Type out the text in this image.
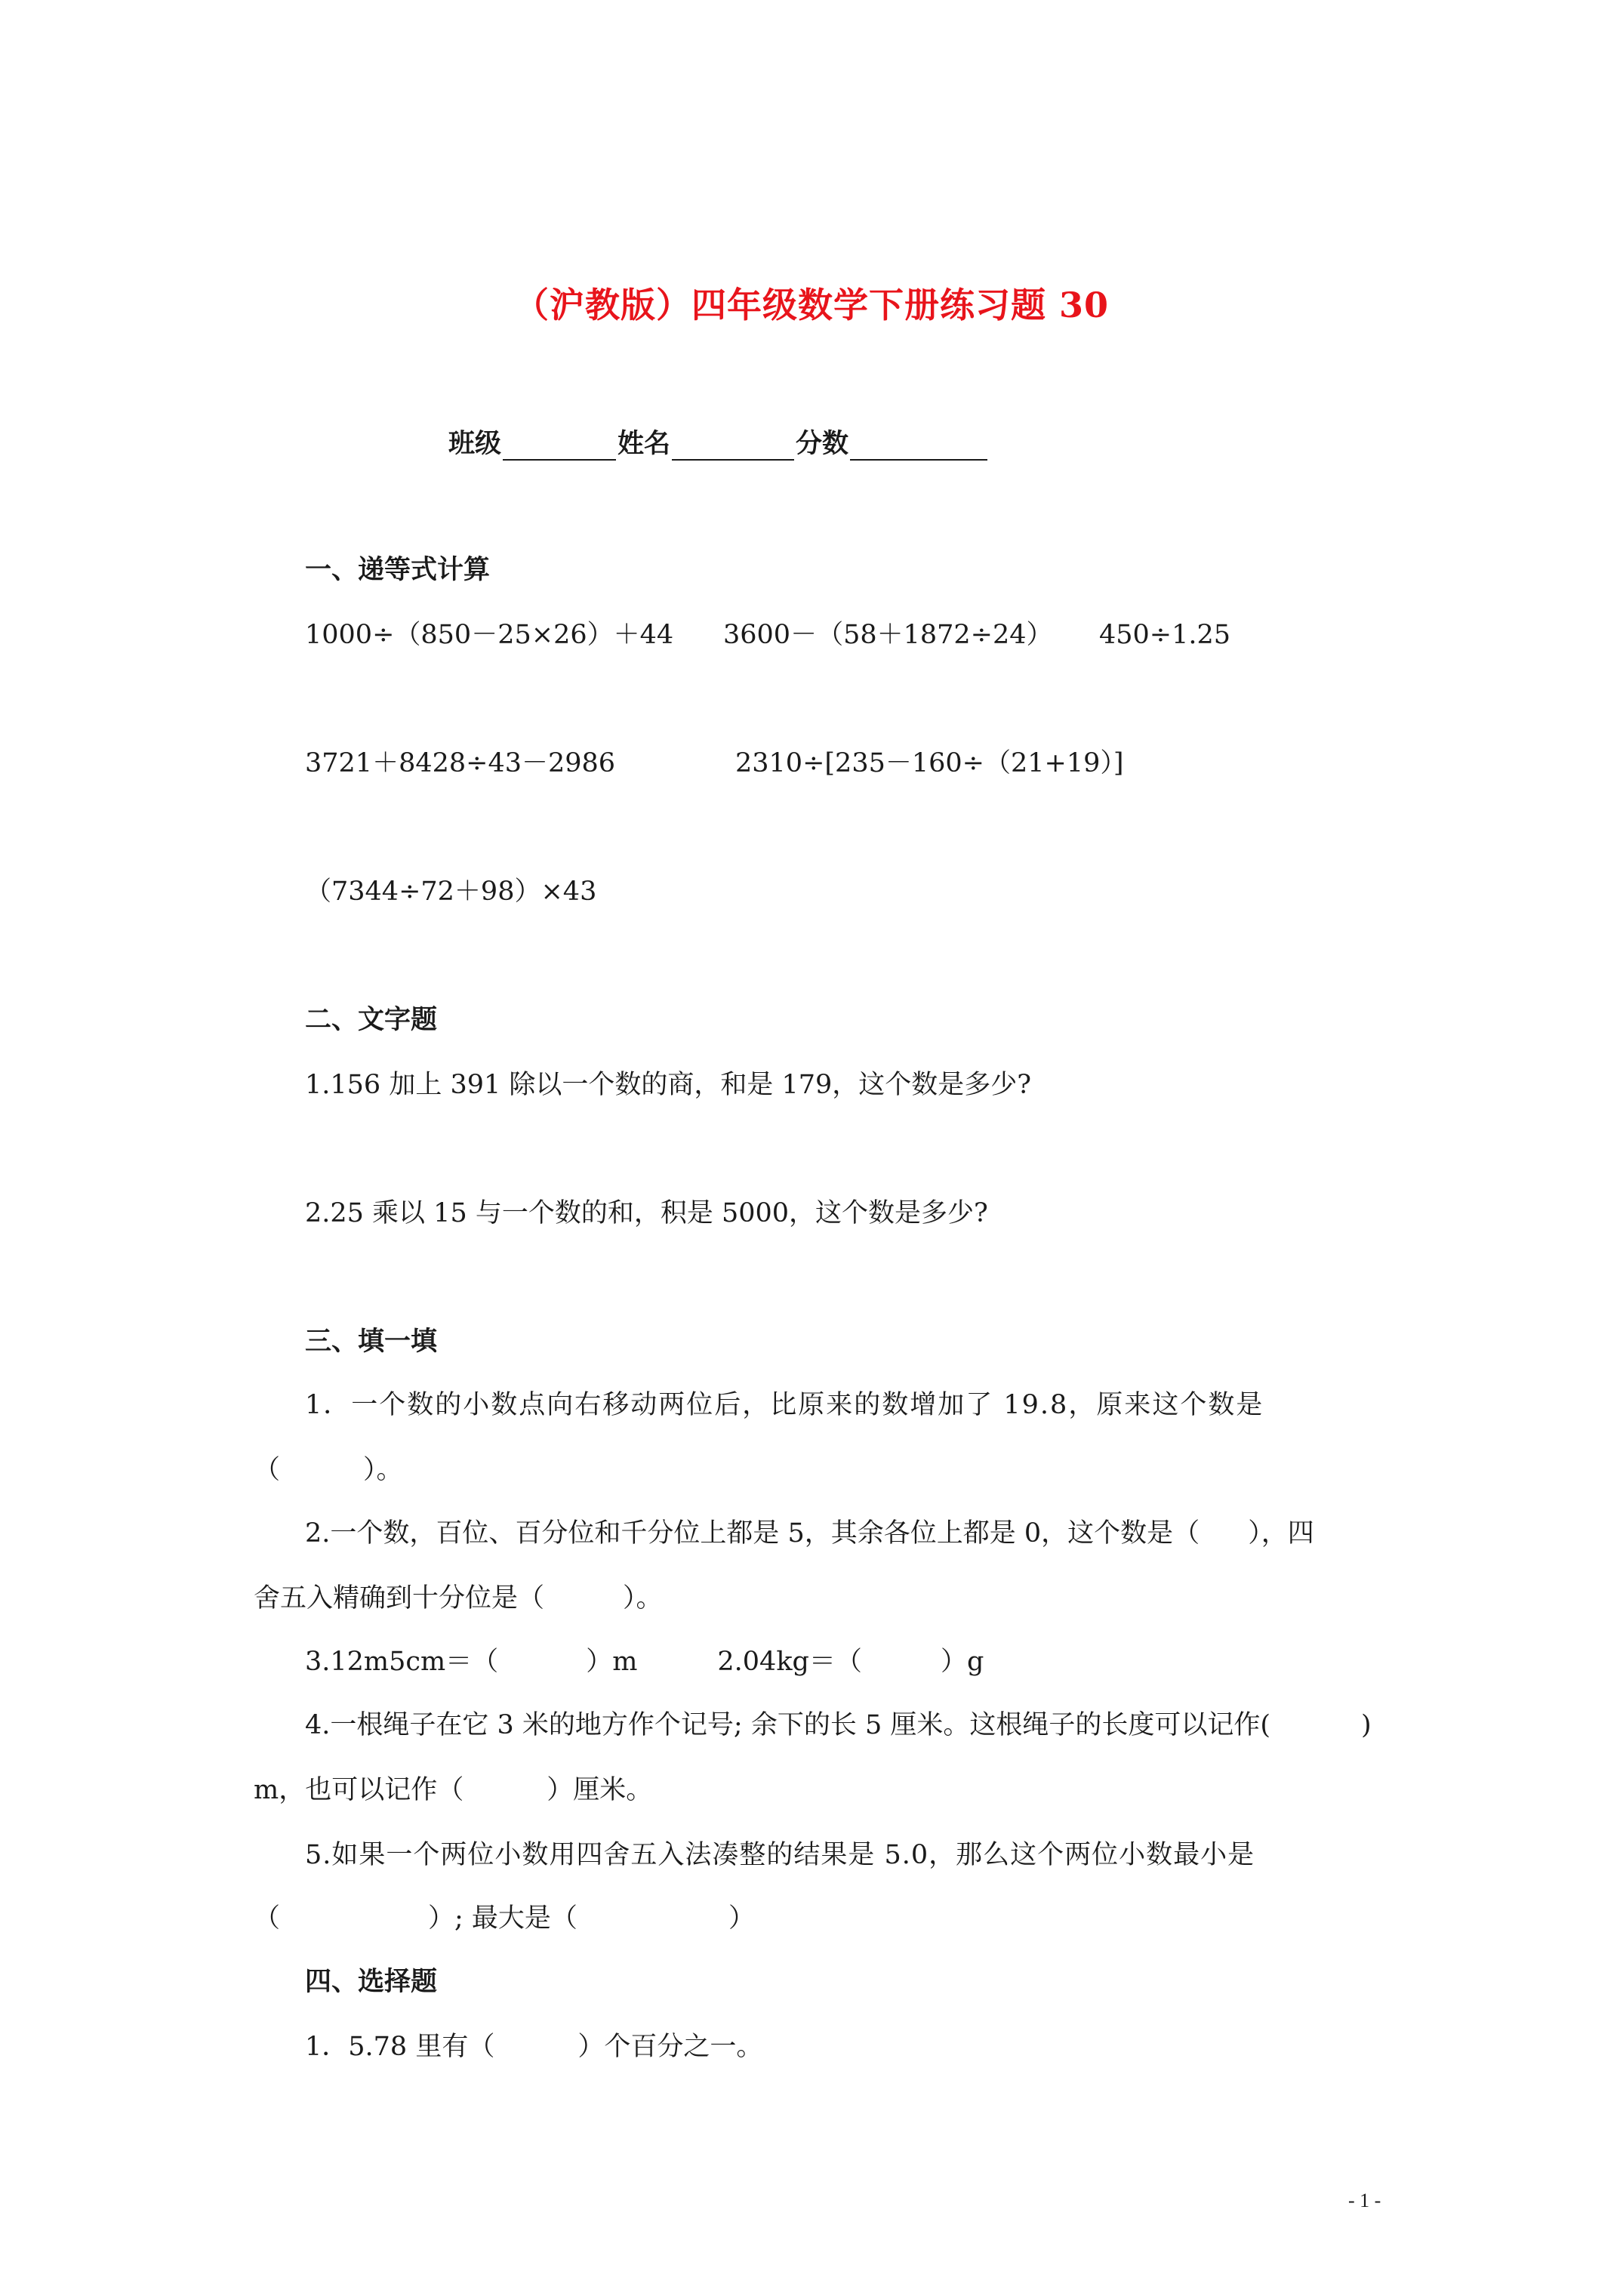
（沪教版）四年级数学下册练习题 30
班级	姓名	分数
一、递等式计算
1000÷（850－25×26）＋44 3600－（58＋1872÷24） 450÷1.25
3721＋8428÷43－2986	2310÷[235－160÷（21+19）]
（7344÷72＋98）×43
二、文字题
1.156 加上 391 除以一个数的商，和是 179，这个数是多少?
2.25 乘以 15 与一个数的和，积是 5000，这个数是多少?
三、填一填
1．一个数的小数点向右移动两位后，比原来的数增加了 19.8，原来这个数是
（	）。
2.一个数，百位、百分位和千分位上都是 5，其余各位上都是 0，这个数是（ ），四
舍五入精确到十分位是（	）。
3.12m5cm＝（	）m	2.04kg＝（	）g
4.一根绳子在它 3 米的地方作个记号; 余下的长 5 厘米。这根绳子的长度可以记作(	)
m，也可以记作（	）厘米。
5.如果一个两位小数用四舍五入法凑整的结果是 5.0，那么这个两位小数最小是
（	）; 最大是（	）
四、选择题
1．5.78 里有（	）个百分之一。
- 1 -
